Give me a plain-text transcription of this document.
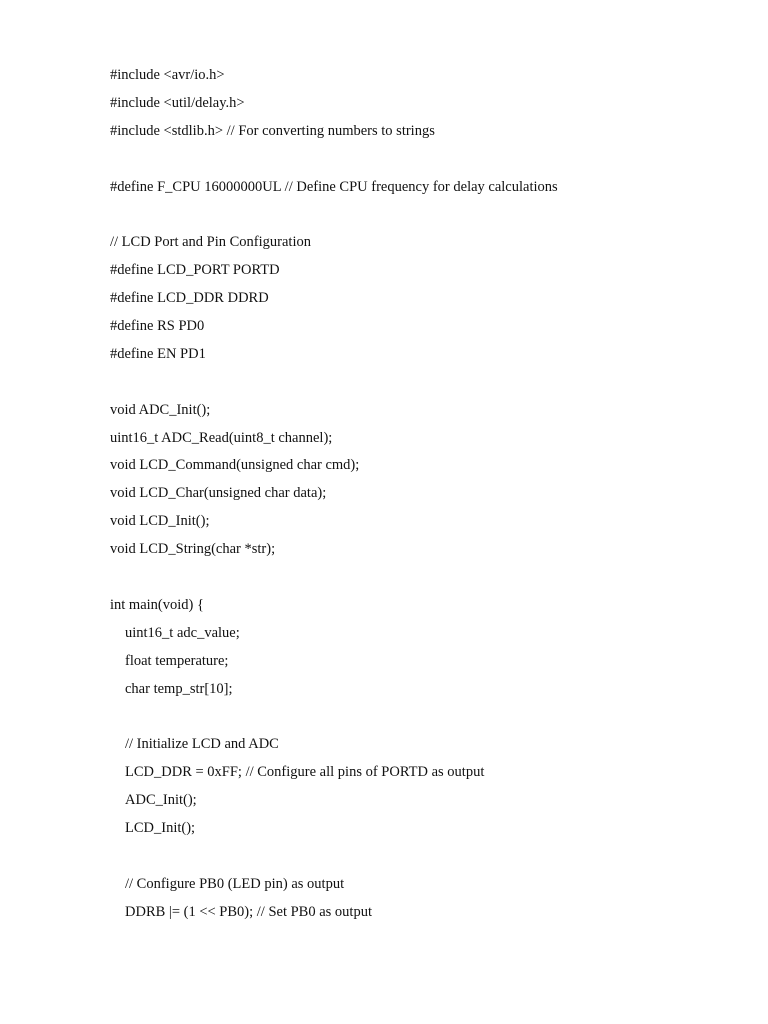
#include <avr/io.h>
#include <util/delay.h>
#include <stdlib.h> // For converting numbers to strings
#define F_CPU 16000000UL // Define CPU frequency for delay calculations
// LCD Port and Pin Configuration
#define LCD_PORT PORTD
#define LCD_DDR DDRD
#define RS PD0
#define EN PD1
void ADC_Init();
uint16_t ADC_Read(uint8_t channel);
void LCD_Command(unsigned char cmd);
void LCD_Char(unsigned char data);
void LCD_Init();
void LCD_String(char *str);
int main(void) {
uint16_t adc_value;
float temperature;
char temp_str[10];
// Initialize LCD and ADC
LCD_DDR = 0xFF; // Configure all pins of PORTD as output
ADC_Init();
LCD_Init();
// Configure PB0 (LED pin) as output
DDRB |= (1 << PB0); // Set PB0 as output
